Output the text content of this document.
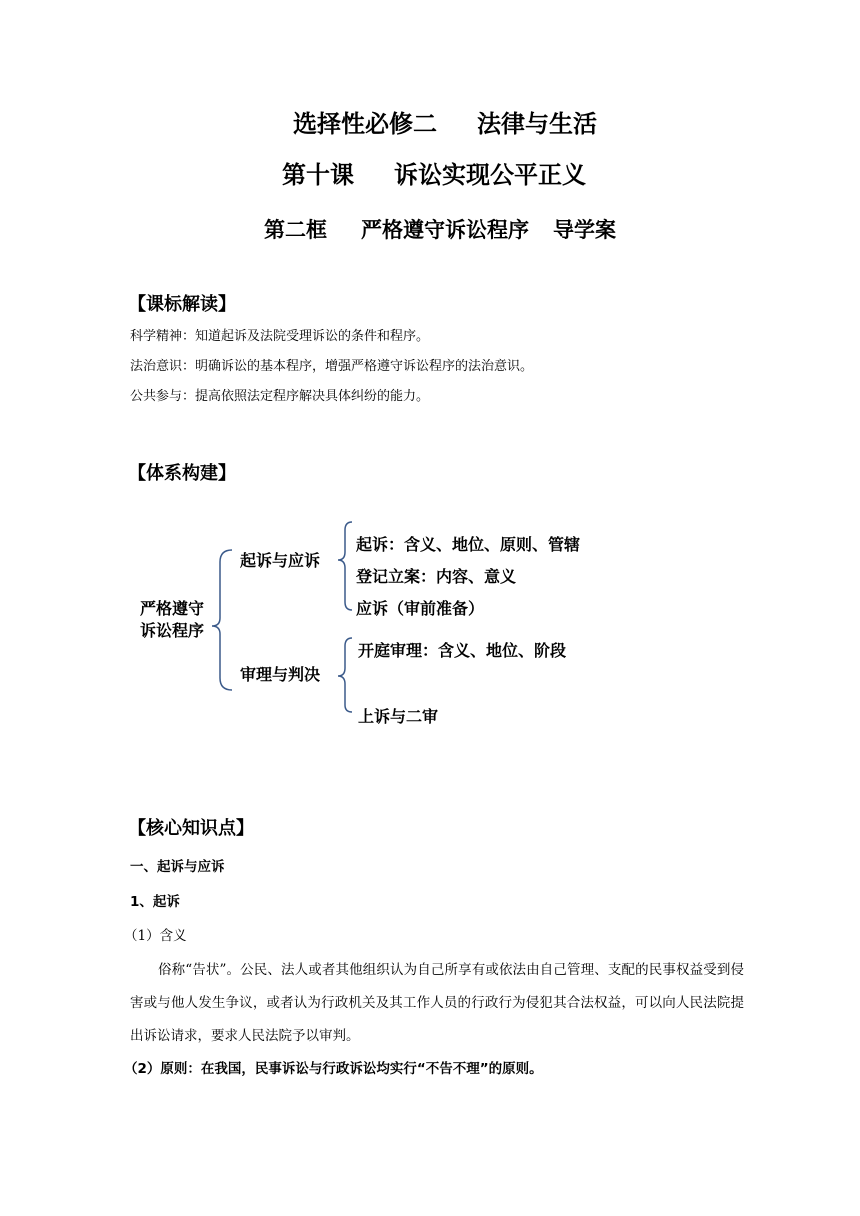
选择性必修二 法律与生活
第十课 诉讼实现公平正义
第二框 严格遵守诉讼程序 导学案
【课标解读】
科学精神：知道起诉及法院受理诉讼的条件和程序。
法治意识：明确诉讼的基本程序，增强严格遵守诉讼程序的法治意识。
公共参与：提高依照法定程序解决具体纠纷的能力。
【体系构建】
严格遵守
诉讼程序
起诉与应诉
审理与判决
起诉：含义、地位、原则、管辖
登记立案：内容、意义
应诉（审前准备）
开庭审理：含义、地位、阶段
上诉与二审
【核心知识点】
一、起诉与应诉
1、起诉
（1）含义
俗称“告状”。公民、法人或者其他组织认为自己所享有或依法由自己管理、支配的民事权益受到侵害或与他人发生争议，或者认为行政机关及其工作人员的行政行为侵犯其合法权益，可以向人民法院提出诉讼请求，要求人民法院予以审判。
（2）原则：在我国，民事诉讼与行政诉讼均实行“不告不理”的原则。
